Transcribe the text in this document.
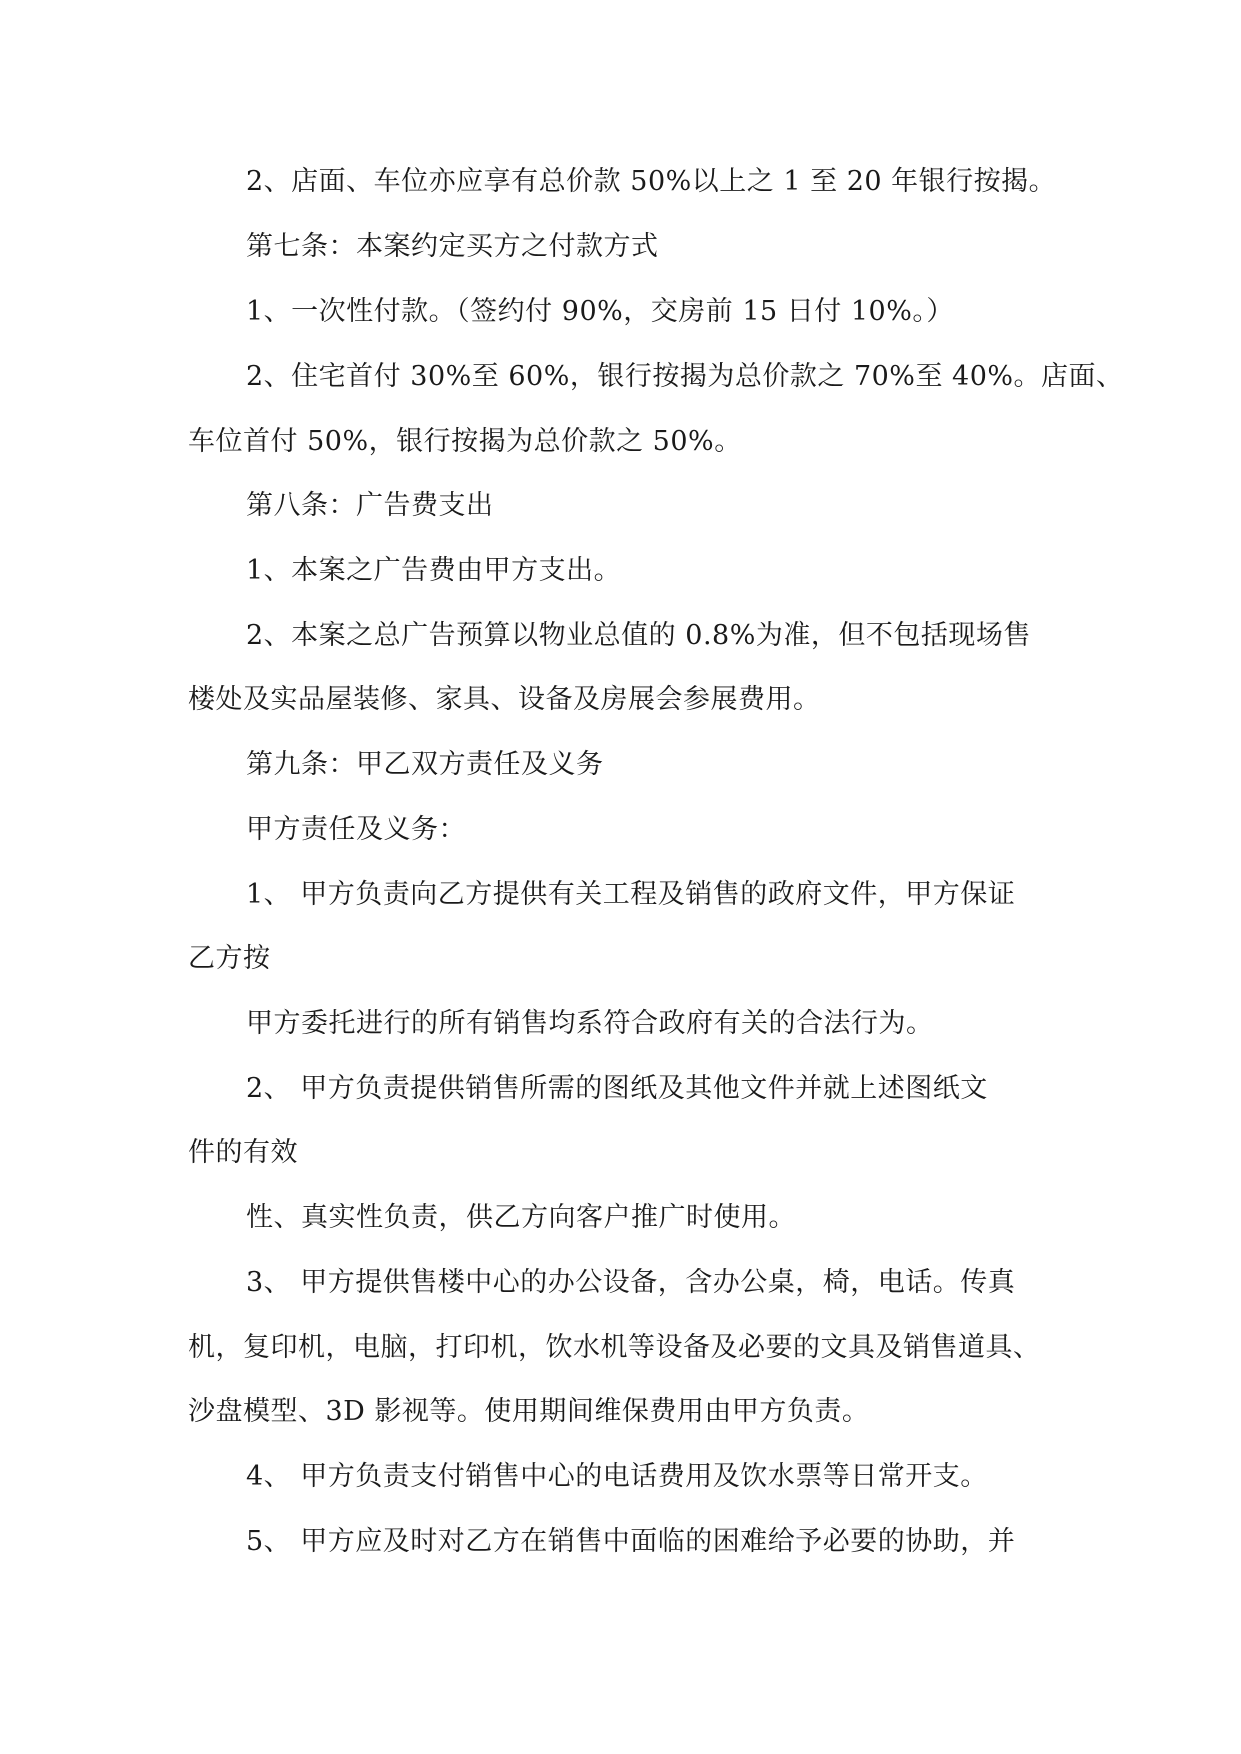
2、店面、车位亦应享有总价款 50%以上之 1 至 20 年银行按揭。
第七条：本案约定买方之付款方式
1、一次性付款。（签约付 90%，交房前 15 日付 10%。）
2、住宅首付 30%至 60%，银行按揭为总价款之 70%至 40%。店面、
车位首付 50%，银行按揭为总价款之 50%。
第八条：广告费支出
1、本案之广告费由甲方支出。
2、本案之总广告预算以物业总值的 0.8%为准，但不包括现场售
楼处及实品屋装修、家具、设备及房展会参展费用。
第九条：甲乙双方责任及义务
甲方责任及义务：
1、 甲方负责向乙方提供有关工程及销售的政府文件，甲方保证
乙方按
甲方委托进行的所有销售均系符合政府有关的合法行为。
2、 甲方负责提供销售所需的图纸及其他文件并就上述图纸文
件的有效
性、真实性负责，供乙方向客户推广时使用。
3、 甲方提供售楼中心的办公设备，含办公桌，椅，电话。传真
机，复印机，电脑，打印机，饮水机等设备及必要的文具及销售道具、
沙盘模型、3D 影视等。使用期间维保费用由甲方负责。
4、 甲方负责支付销售中心的电话费用及饮水票等日常开支。
5、 甲方应及时对乙方在销售中面临的困难给予必要的协助，并
